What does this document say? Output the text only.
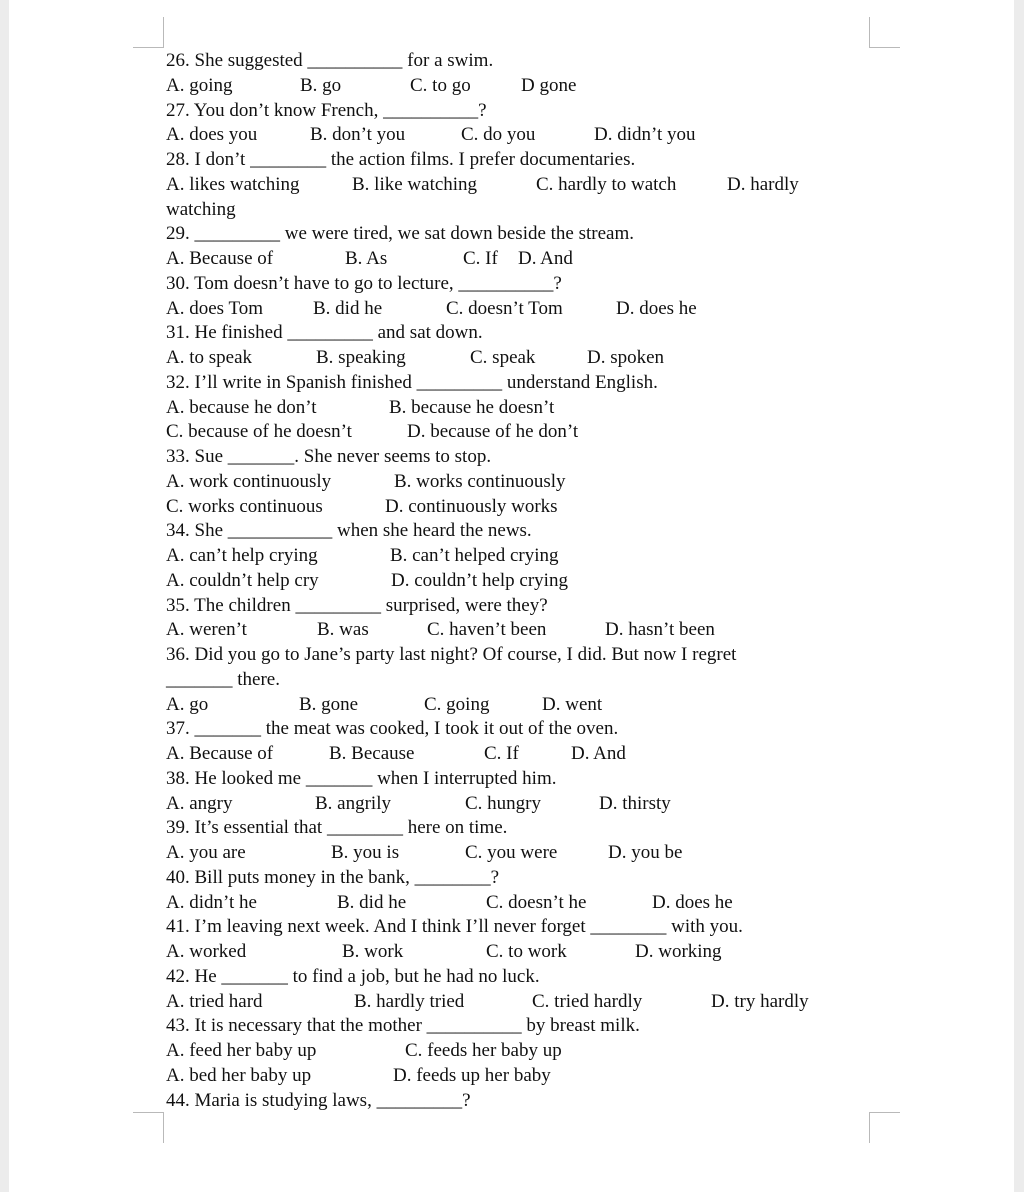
26. She suggested __________ for a swim.
A. going	B. go	C. to go	D gone
27. You don’t know French, __________?
A. does you	B. don’t you	C. do you	D. didn’t you
28. I don’t ________ the action films. I prefer documentaries.
A. likes watching	B. like watching	C. hardly to watch	D. hardly
watching
29. _________ we were tired, we sat down beside the stream.
A. Because of	B. As	C. If D. And
30. Tom doesn’t have to go to lecture, __________?
A. does Tom	B. did he	C. doesn’t Tom	D. does he
31. He finished _________ and sat down.
A. to speak	B. speaking	C. speak	D. spoken
32. I’ll write in Spanish finished _________ understand English.
A. because he don’t	B. because he doesn’t
C. because of he doesn’t	D. because of he don’t
33. Sue _______. She never seems to stop.
A. work continuously	B. works continuously
C. works continuous	D. continuously works
34. She ___________ when she heard the news.
A. can’t help crying	B. can’t helped crying
A. couldn’t help cry	D. couldn’t help crying
35. The children _________ surprised, were they?
A. weren’t	B. was	C. haven’t been	D. hasn’t been
36. Did you go to Jane’s party last night? Of course, I did. But now I regret
_______ there.
A. go	B. gone	C. going	D. went
37. _______ the meat was cooked, I took it out of the oven.
A. Because of	B. Because	C. If	D. And
38. He looked me _______ when I interrupted him.
A. angry	B. angrily	C. hungry	D. thirsty
39. It’s essential that ________ here on time.
A. you are	B. you is	C. you were	D. you be
40. Bill puts money in the bank, ________?
A. didn’t he	B. did he	C. doesn’t he	D. does he
41. I’m leaving next week. And I think I’ll never forget ________ with you.
A. worked	B. work	C. to work	D. working
42. He _______ to find a job, but he had no luck.
A. tried hard	B. hardly tried	C. tried hardly	D. try hardly
43. It is necessary that the mother __________ by breast milk.
A. feed her baby up	C. feeds her baby up
A. bed her baby up	D. feeds up her baby
44. Maria is studying laws, _________?
